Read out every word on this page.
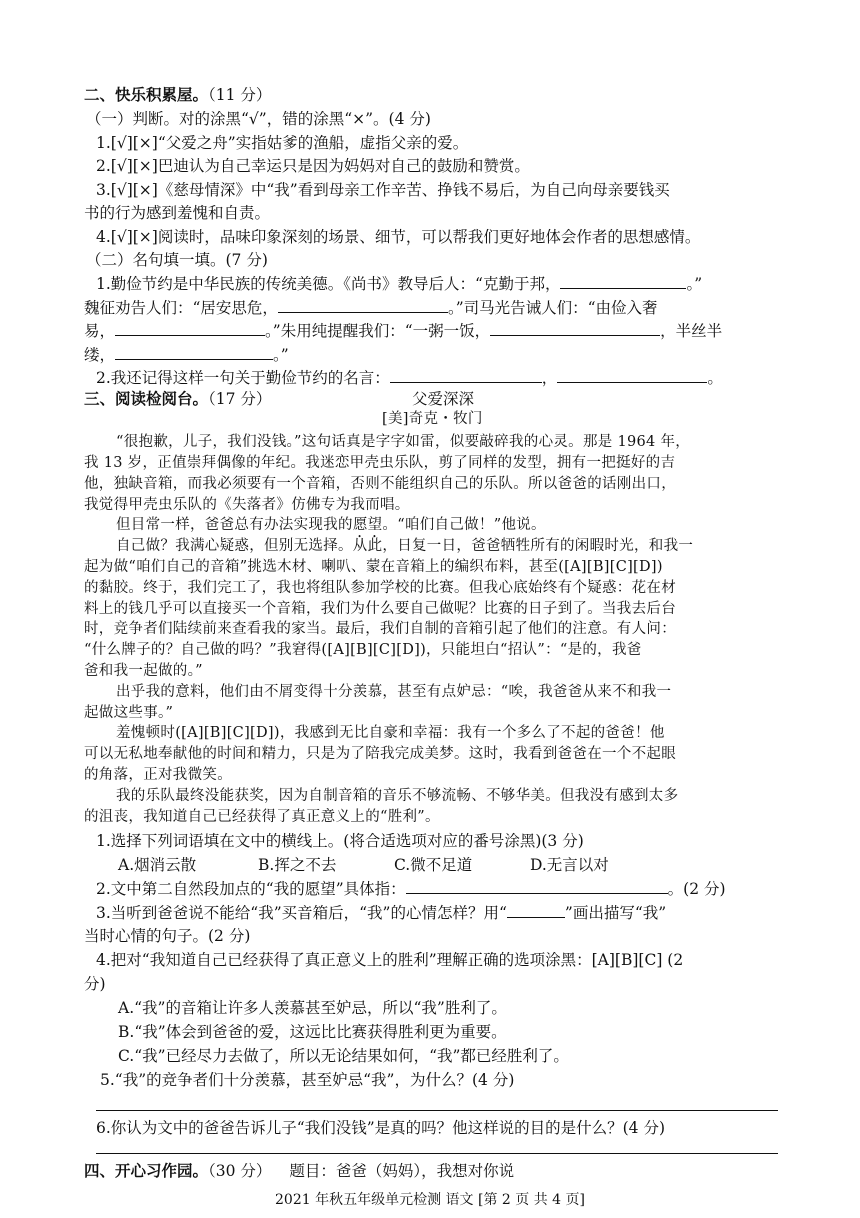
二、快乐积累屋。（11 分）
（一）判断。对的涂黑“√”，错的涂黑“×”。(4 分)
1.[√][×]“父爱之舟”实指姑爹的渔船，虚指父亲的爱。
2.[√][×]巴迪认为自己幸运只是因为妈妈对自己的鼓励和赞赏。
3.[√][×]《慈母情深》中“我”看到母亲工作辛苦、挣钱不易后，为自己向母亲要钱买
书的行为感到羞愧和自责。
4.[√][×]阅读时，品味印象深刻的场景、细节，可以帮我们更好地体会作者的思想感情。
（二）名句填一填。(7 分)
1.勤俭节约是中华民族的传统美德。《尚书》教导后人：“克勤于邦，	。”
魏征劝告人们：“居安思危，	。”司马光告诫人们：“由俭入奢
易，	。”朱用纯提醒我们：“一粥一饭，	，半丝半
缕，	。”
2.我还记得这样一句关于勤俭节约的名言：	，	。
三、阅读检阅台。（17 分）	父爱深深
[美]奇克・牧门
“很抱歉，儿子，我们没钱。”这句话真是字字如雷，似要敲碎我的心灵。那是 1964 年，
我 13 岁，正值崇拜偶像的年纪。我迷恋甲壳虫乐队，剪了同样的发型，拥有一把挺好的吉
他，独缺音箱，而我必须要有一个音箱，否则不能组织自己的乐队。所以爸爸的话刚出口，
我觉得甲壳虫乐队的《失落者》仿佛专为我而唱。
但目常一样，爸爸总有办法实现我的愿望。“咱们自己做！”他说。
自己做？我满心疑惑，但别无选择。从此，日复一日，爸爸牺牲所有的闲暇时光，和我一
起为做“咱们自己的音箱”挑选木材、喇叭、蒙在音箱上的编织布料，甚至([A][B][C][D])
的黏胶。终于，我们完工了，我也将组队参加学校的比赛。但我心底始终有个疑惑：花在材
料上的钱几乎可以直接买一个音箱，我们为什么要自己做呢？比赛的日子到了。当我去后台
时，竞争者们陆续前来查看我的家当。最后，我们自制的音箱引起了他们的注意。有人问：
“什么牌子的？自己做的吗？”我窘得([A][B][C][D])，只能坦白“招认”：“是的，我爸
爸和我一起做的。”
出乎我的意料，他们由不屑变得十分羡慕，甚至有点妒忌：“唉，我爸爸从来不和我一
起做这些事。”
羞愧顿时([A][B][C][D])，我感到无比自豪和幸福：我有一个多么了不起的爸爸！他
可以无私地奉献他的时间和精力，只是为了陪我完成美梦。这时，我看到爸爸在一个不起眼
的角落，正对我微笑。
我的乐队最终没能获奖，因为自制音箱的音乐不够流畅、不够华美。但我没有感到太多
的沮丧，我知道自己已经获得了真正意义上的“胜利”。
1.选择下列词语填在文中的横线上。(将合适选项对应的番号涂黑)(3 分)
A.烟消云散	B.挥之不去	C.微不足道	D.无言以对
2.文中第二自然段加点的“我的愿望”具体指：	。(2 分)
3.当听到爸爸说不能给“我”买音箱后，“我”的心情怎样？用“	”画出描写“我”
当时心情的句子。(2 分)
4.把对“我知道自己已经获得了真正意义上的胜利”理解正确的选项涂黑：[A][B][C] (2
分)
A.“我”的音箱让许多人羡慕甚至妒忌，所以“我”胜利了。
B.“我”体会到爸爸的爱，这远比比赛获得胜利更为重要。
C.“我”已经尽力去做了，所以无论结果如何，“我”都已经胜利了。
5.“我”的竞争者们十分羡慕，甚至妒忌“我”，为什么？(4 分)
6.你认为文中的爸爸告诉儿子“我们没钱”是真的吗？他这样说的目的是什么？(4 分)
四、开心习作园。（30 分） 题目：爸爸（妈妈），我想对你说
2021 年秋五年级单元检测 语文 [第 2 页 共 4 页]
